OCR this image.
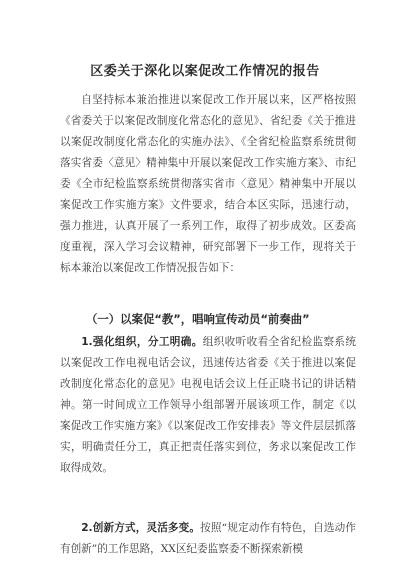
区委关于深化以案促改工作情况的报告

自坚持标本兼治推进以案促改工作开展以来，区严格按照《省委关于以案促改制度化常态化的意见》、省纪委《关于推进以案促改制度化常态化的实施办法》、《全省纪检监察系统贯彻落实省委〈意见〉精神集中开展以案促改工作实施方案》、市纪委《全市纪检监察系统贯彻落实省市〈意见〉精神集中开展以案促改工作实施方案》文件要求，结合本区实际，迅速行动，强力推进，认真开展了一系列工作，取得了初步成效。区委高度重视，深入学习会议精神，研究部署下一步工作，现将关于标本兼治以案促改工作情况报告如下：

（一）以案促“教”，唱响宣传动员“前奏曲”

1.强化组织，分工明确。组织收听收看全省纪检监察系统以案促改工作电视电话会议，迅速传达省委《关于推进以案促改制度化常态化的意见》电视电话会议上任正晓书记的讲话精神。第一时间成立工作领导小组部署开展该项工作，制定《以案促改工作实施方案》《以案促改工作安排表》等文件层层抓落实，明确责任分工，真正把责任落实到位，务求以案促改工作取得成效。

2.创新方式，灵活多变。按照“规定动作有特色，自选动作有创新”的工作思路，XX区纪委监察委不断探索新模
